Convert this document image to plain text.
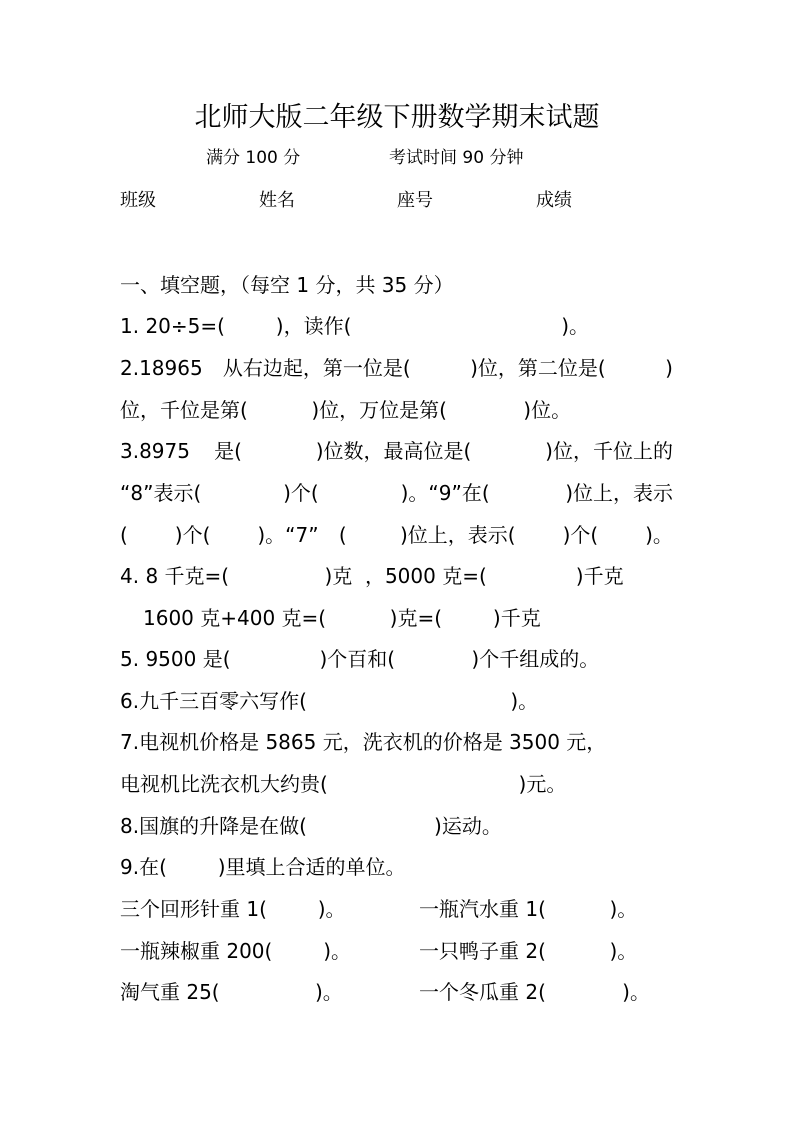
北师大版二年级下册数学期末试题
满分 100 分	考试时间 90 分钟
班级	姓名	座号	成绩
一、填空题，（每空 1 分，共 35 分）
1. 20÷5=(        )，读作(                                 )。
2.18965 从右边起，第一位是(
	)位，第二位是(
	)
位，千位是第(          )位，万位是第(            )位。
3.8975 是(
	)位数，最高位是(
	)位，千位上的
“8”表示(
	)个(
	)。“9”在(
	)位上，表示
(
)个(
)。“7” (
	)位上，表示(
)个(
)。
4. 8 千克=(               )克  ，5000 克=(              )千克
1600 克+400 克=(          )克=(        )千克
5. 9500 是(              )个百和(            )个千组成的。
6.九千三百零六写作(                                )。
7.电视机价格是 5865 元，洗衣机的价格是 3500 元，
电视机比洗衣机大约贵(                              )元。
8.国旗的升降是在做(                    )运动。
9.在(        )里填上合适的单位。
三个回形针重 1(        )。	一瓶汽水重 1(          )。
一瓶辣椒重 200(        )。	一只鸭子重 2(          )。
淘气重 25(               )。	一个冬瓜重 2(            )。
